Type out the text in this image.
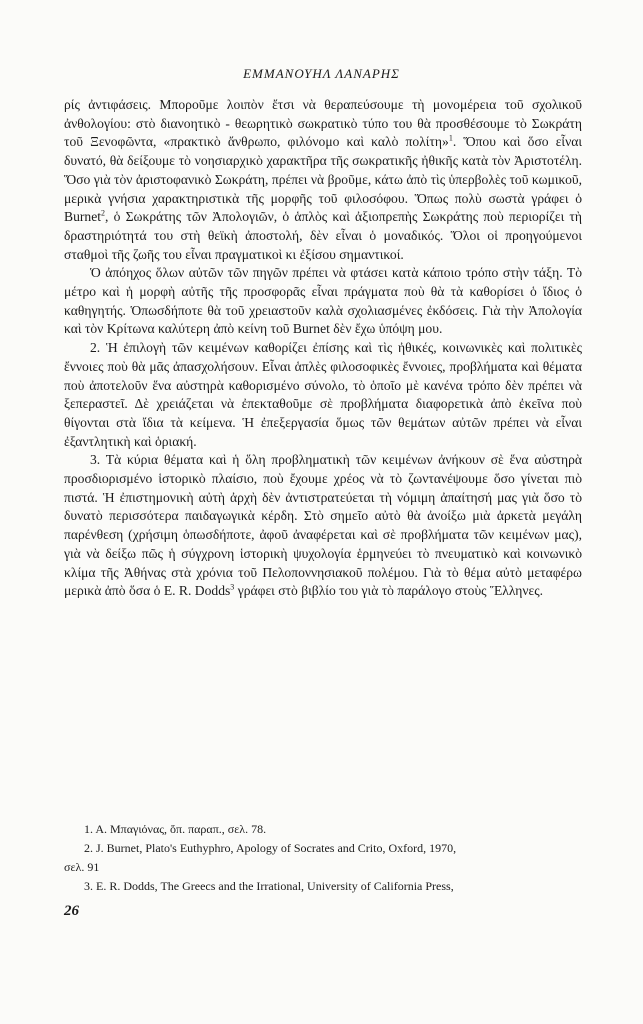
ΕΜΜΑΝΟΥΗΛ ΛΑΝΑΡΗΣ

ρίς ἀντιφάσεις. Μποροῦμε λοιπὸν ἔτσι νὰ θεραπεύσουμε τὴ μονομέρεια τοῦ σχολικοῦ ἀνθολογίου: στὸ διανοητικὸ - θεωρητικὸ σωκρατικὸ τύπο του θὰ προσθέσουμε τὸ Σωκράτη τοῦ Ξενοφῶντα, «πρακτικὸ ἄνθρωπο, φιλόνομο καὶ καλὸ πολίτη»$^1$. Ὅπου καὶ ὅσο εἶναι δυνατό, θὰ δείξουμε τὸ νοησιαρχικὸ χαρακτῆρα τῆς σωκρατικῆς ἠθικῆς κατὰ τὸν Ἀριστοτέλη. Ὅσο γιὰ τὸν ἀριστοφανικὸ Σωκράτη, πρέπει νὰ βροῦμε, κάτω ἀπὸ τὶς ὑπερβολὲς τοῦ κωμικοῦ, μερικὰ γνήσια χαρακτηριστικὰ τῆς μορφῆς τοῦ φιλοσόφου. Ὅπως πολὺ σωστὰ γράφει ὁ Burnet$^2$, ὁ Σωκράτης τῶν Ἀπολογιῶν, ὁ ἁπλὸς καὶ ἀξιοπρεπὴς Σωκράτης ποὺ περιορίζει τὴ δραστηριότητά του στὴ θεϊκὴ ἀποστολή, δὲν εἶναι ὁ μοναδικός. Ὅλοι οἱ προηγούμενοι σταθμοὶ τῆς ζωῆς του εἶναι πραγματικοὶ κι ἐξίσου σημαντικοί.

Ὁ ἀπόηχος ὅλων αὐτῶν τῶν πηγῶν πρέπει νὰ φτάσει κατὰ κάποιο τρόπο στὴν τάξη. Τὸ μέτρο καὶ ἡ μορφὴ αὐτῆς τῆς προσφορᾶς εἶναι πράγματα ποὺ θὰ τὰ καθορίσει ὁ ἴδιος ὁ καθηγητής. Ὁπωσδήποτε θὰ τοῦ χρειαστοῦν καλὰ σχολιασμένες ἐκδόσεις. Γιὰ τὴν Ἀπολογία καὶ τὸν Κρίτωνα καλύτερη ἀπὸ κείνη τοῦ Burnet δὲν ἔχω ὑπόψη μου.

2. Ἡ ἐπιλογὴ τῶν κειμένων καθορίζει ἐπίσης καὶ τὶς ἠθικές, κοινωνικὲς καὶ πολιτικὲς ἔννοιες ποὺ θὰ μᾶς ἀπασχολήσουν. Εἶναι ἁπλὲς φιλοσοφικὲς ἔννοιες, προβλήματα καὶ θέματα ποὺ ἀποτελοῦν ἕνα αὐστηρὰ καθορισμένο σύνολο, τὸ ὁποῖο μὲ κανένα τρόπο δὲν πρέπει νὰ ξεπεραστεῖ. Δὲ χρειάζεται νὰ ἐπεκταθοῦμε σὲ προβλήματα διαφορετικὰ ἀπὸ ἐκεῖνα ποὺ θίγονται στὰ ἴδια τὰ κείμενα. Ἡ ἐπεξεργασία ὅμως τῶν θεμάτων αὐτῶν πρέπει νὰ εἶναι ἐξαντλητικὴ καὶ ὁριακή.

3. Τὰ κύρια θέματα καὶ ἡ ὅλη προβληματικὴ τῶν κειμένων ἀνήκουν σὲ ἕνα αὐστηρὰ προσδιορισμένο ἱστορικὸ πλαίσιο, ποὺ ἔχουμε χρέος νὰ τὸ ζωντανέψουμε ὅσο γίνεται πιὸ πιστά. Ἡ ἐπιστημονικὴ αὐτὴ ἀρχὴ δὲν ἀντιστρατεύεται τὴ νόμιμη ἀπαίτησή μας γιὰ ὅσο τὸ δυνατὸ περισσότερα παιδαγωγικὰ κέρδη. Στὸ σημεῖο αὐτὸ θὰ ἀνοίξω μιὰ ἀρκετὰ μεγάλη παρένθεση (χρήσιμη ὁπωσδήποτε, ἀφοῦ ἀναφέρεται καὶ σὲ προβλήματα τῶν κειμένων μας), γιὰ νὰ δείξω πῶς ἡ σύγχρονη ἱστορικὴ ψυχολογία ἑρμηνεύει τὸ πνευματικὸ καὶ κοινωνικὸ κλίμα τῆς Ἀθήνας στὰ χρόνια τοῦ Πελοποννησιακοῦ πολέμου. Γιὰ τὸ θέμα αὐτὸ μεταφέρω μερικὰ ἀπὸ ὅσα ὁ E. R. Dodds$^3$ γράφει στὸ βιβλίο του γιὰ τὸ παράλογο στοὺς Ἕλληνες.

1. Α. Μπαγιόνας, ὅπ. παραπ., σελ. 78.

2. J. Burnet, Plato's Euthyphro, Apology of Socrates and Crito, Oxford, 1970,

σελ. 91

3. E. R. Dodds, The Greecs and the Irrational, University of California Press,

26
